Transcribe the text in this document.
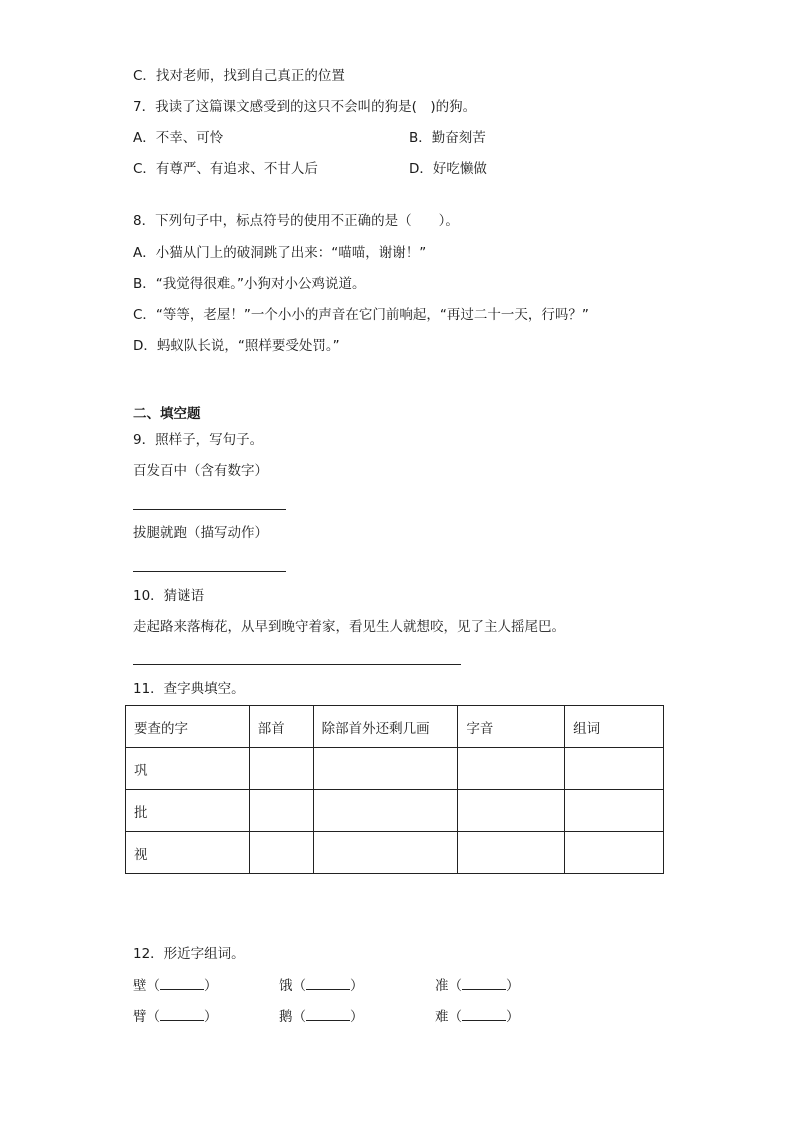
C．找对老师，找到自己真正的位置
7．我读了这篇课文感受到的这只不会叫的狗是(　)的狗。
A．不幸、可怜	B．勤奋刻苦
C．有尊严、有追求、不甘人后	D．好吃懒做
8．下列句子中，标点符号的使用不正确的是（　　）。
A．小猫从门上的破洞跳了出来：“喵喵，谢谢！”
B．“我觉得很难。”小狗对小公鸡说道。
C．“等等，老屋！”一个小小的声音在它门前响起，“再过二十一天，行吗？”
D．蚂蚁队长说，“照样要受处罚。”
二、填空题
9．照样子，写句子。
百发百中（含有数字）
拔腿就跑（描写动作）
10．猜谜语
走起路来落梅花，从早到晚守着家，看见生人就想咬，见了主人摇尾巴。
11．查字典填空。
要查的字	部首	除部首外还剩几画	字音	组词
巩				
批				
视				
12．形近字组词。
壁（	）	饿（	）	准（	）
臂（	）	鹅（	）	难（	）
